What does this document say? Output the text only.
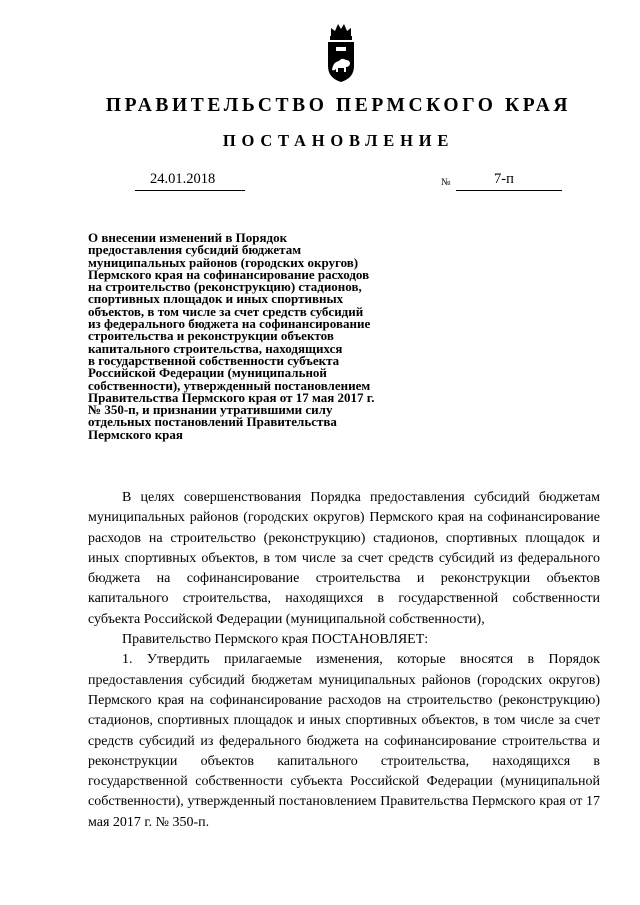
ПРАВИТЕЛЬСТВО ПЕРМСКОГО КРАЯ
ПОСТАНОВЛЕНИЕ
24.01.2018	№	7-п
О внесении изменений в Порядок
предоставления субсидий бюджетам
муниципальных районов (городских округов)
Пермского края на софинансирование расходов
на строительство (реконструкцию) стадионов,
спортивных площадок и иных спортивных
объектов, в том числе за счет средств субсидий
из федерального бюджета на софинансирование
строительства и реконструкции объектов
капитального строительства, находящихся
в государственной собственности субъекта
Российской Федерации (муниципальной
собственности), утвержденный постановлением
Правительства Пермского края от 17 мая 2017 г.
№ 350-п, и признании утратившими силу
отдельных постановлений Правительства
Пермского края

В целях совершенствования Порядка предоставления субсидий бюджетам муниципальных районов (городских округов) Пермского края на софинансирование расходов на строительство (реконструкцию) стадионов, спортивных площадок и иных спортивных объектов, в том числе за счет средств субсидий из федерального бюджета на софинансирование строительства и реконструкции объектов капитального строительства, находящихся в государственной собственности субъекта Российской Федерации (муниципальной собственности),

Правительство Пермского края ПОСТАНОВЛЯЕТ:

1. Утвердить прилагаемые изменения, которые вносятся в Порядок предоставления субсидий бюджетам муниципальных районов (городских округов) Пермского края на софинансирование расходов на строительство (реконструкцию) стадионов, спортивных площадок и иных спортивных объектов, в том числе за счет средств субсидий из федерального бюджета на софинансирование строительства и реконструкции объектов капитального строительства, находящихся в государственной собственности субъекта Российской Федерации (муниципальной собственности), утвержденный постановлением Правительства Пермского края от 17 мая 2017 г. № 350-п.
